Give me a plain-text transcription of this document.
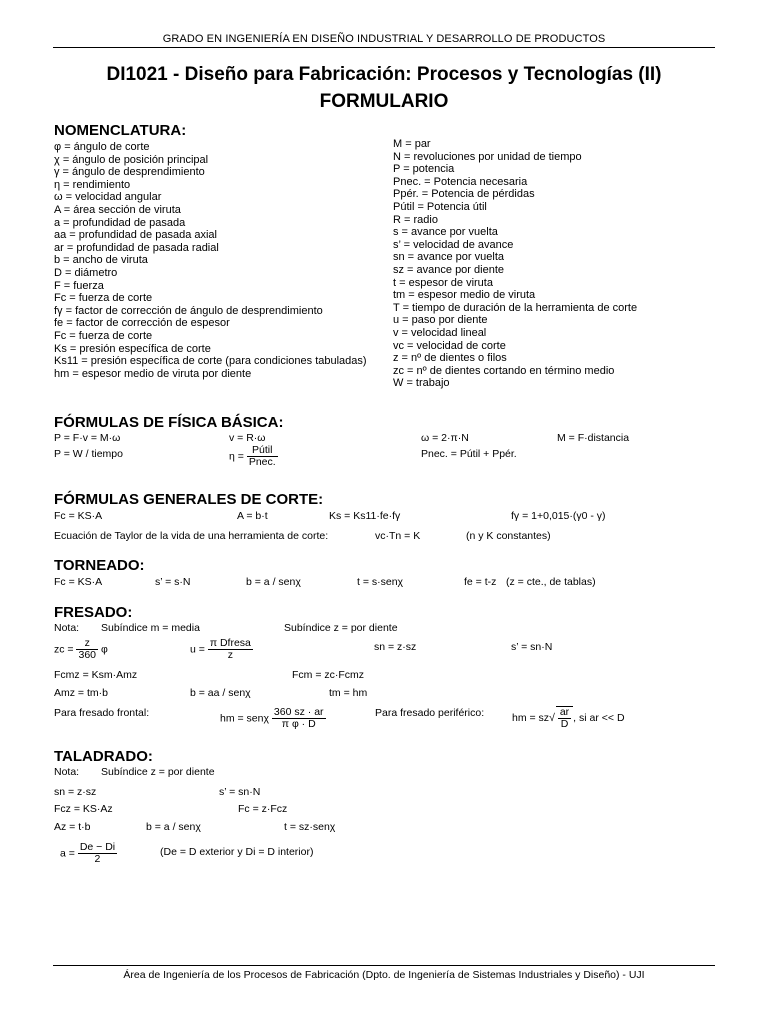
GRADO EN INGENIERÍA EN DISEÑO INDUSTRIAL Y DESARROLLO DE PRODUCTOS
DI1021 - Diseño para Fabricación: Procesos y Tecnologías (II)
FORMULARIO
NOMENCLATURA:
φ = ángulo de corte
χ = ángulo de posición principal
γ = ángulo de desprendimiento
η = rendimiento
ω = velocidad angular
A = área sección de viruta
a = profundidad de pasada
aa = profundidad de pasada axial
ar = profundidad de pasada radial
b = ancho de viruta
D = diámetro
F = fuerza
Fc = fuerza de corte
fγ = factor de corrección de ángulo de desprendimiento
fe = factor de corrección de espesor
Fc = fuerza de corte
Ks = presión específica de corte
Ks11 = presión específica de corte (para condiciones tabuladas)
hm = espesor medio de viruta por diente
M = par
N = revoluciones por unidad de tiempo
P = potencia
Pnec. = Potencia necesaria
Ppér. = Potencia de pérdidas
Pútil = Potencia útil
R = radio
s = avance por vuelta
s’ = velocidad de avance
sn = avance por vuelta
sz = avance por diente
t = espesor de viruta
tm = espesor medio de viruta
T = tiempo de duración de la herramienta de corte
u = paso por diente
v = velocidad lineal
vc = velocidad de corte
z = nº de dientes o filos
zc = nº de dientes cortando en término medio
W = trabajo
FÓRMULAS DE FÍSICA BÁSICA:
P = F·v = M·ω	v = R·ω	ω = 2·π·N	M = F·distancia
P = W / tiempo	$\eta = \frac{\text{Pútil}}{\text{Pnec.}}$	Pnec. = Pútil + Ppér.
FÓRMULAS GENERALES DE CORTE:
Fc = KS·A	A = b·t	Ks = Ks11·fe·fγ	fγ = 1+0,015·(γ0 - γ)
Ecuación de Taylor de la vida de una herramienta de corte:	vc·Tn = K	(n y K constantes)
TORNEADO:
Fc = KS·A	s’ = s·N	b = a / senχ	t = s·senχ	fe = t-z (z = cte., de tablas)
FRESADO:
Nota: Subíndice m = media	Subíndice z = por diente
zc = $\frac{z}{360}$ φ	$u = \frac{\text{π Dfresa}}{z}$	sn = z·sz	s’ = sn·N
Fcmz = Ksm·Amz	Fcm = zc·Fcmz
Amz = tm·b	b = aa / senχ	tm = hm
Para fresado frontal:	hm = senχ $\frac{360 sz \cdot ar}{\text{π φ · D}}$	Para fresado periférico:	hm = $sz√ \frac{ar}{D}$ , si ar << D
TALADRADO:
Nota: Subíndice z = por diente
sn = z·sz	s’ = sn·N
Fcz = KS·Az	Fc = z·Fcz
Az = t·b	b = a / senχ	t = sz·senχ
$a = \frac{De - Di}{2}$	(De = D exterior y Di = D interior)
Área de Ingeniería de los Procesos de Fabricación (Dpto. de Ingeniería de Sistemas Industriales y Diseño) - UJI
